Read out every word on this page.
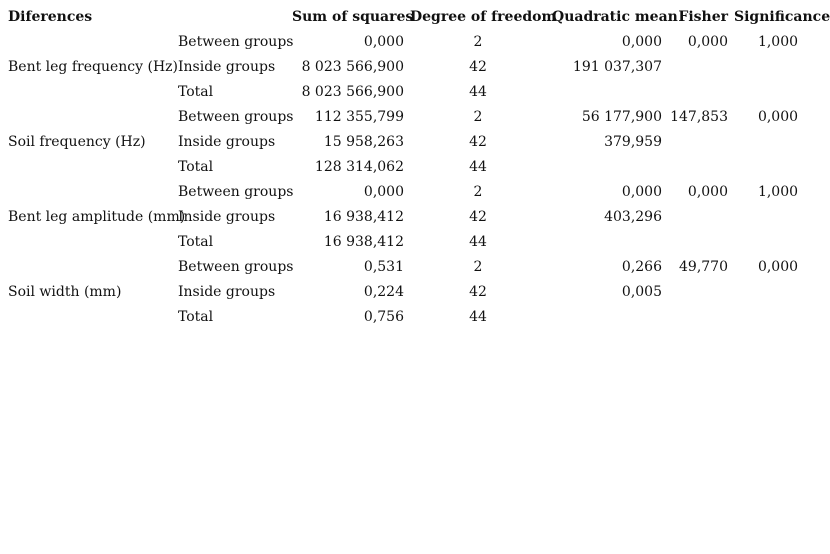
Diferences		Sum of squares	Degree of freedom	Quadratic mean	Fisher	Significance
	Between groups	0,000	2	0,000	0,000	1,000
Bent leg frequency (Hz)	Inside groups	8 023 566,900	42	191 037,307		
	Total	8 023 566,900	44			
	Between groups	112 355,799	2	56 177,900	147,853	0,000
Soil frequency (Hz)	Inside groups	15 958,263	42	379,959		
	Total	128 314,062	44			
	Between groups	0,000	2	0,000	0,000	1,000
Bent leg amplitude (mm)	Inside groups	16 938,412	42	403,296		
	Total	16 938,412	44			
	Between groups	0,531	2	0,266	49,770	0,000
Soil width (mm)	Inside groups	0,224	42	0,005		
	Total	0,756	44			
